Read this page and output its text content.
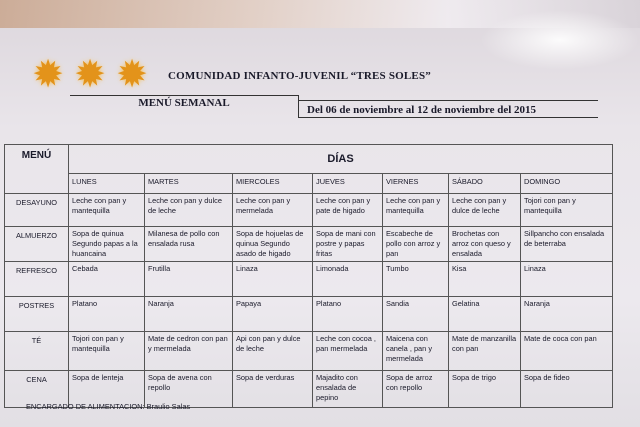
✹ ✹ ✹	COMUNIDAD INFANTO-JUVENIL “TRES SOLES”
MENÚ SEMANAL
Del 06 de noviembre al 12 de noviembre del 2015
MENÚ	DÍAS						
	LUNES	MARTES	MIERCOLES	JUEVES	VIERNES	SÁBADO	DOMINGO
DESAYUNO	Leche con pan y mantequilla	Leche con pan y dulce de leche	Leche con pan y mermelada	Leche con pan y pate de higado	Leche con pan y mantequilla	Leche con pan y dulce de leche	Tojori con pan y mantequilla
ALMUERZO	Sopa de quinua Segundo papas a la huancaina	Milanesa de pollo con ensalada rusa	Sopa de hojuelas de quinua Segundo asado de higado	Sopa de mani con postre y papas fritas	Escabeche de pollo con arroz y pan	Brochetas con arroz con queso y ensalada	Sillpancho con ensalada de beterraba
REFRESCO	Cebada	Frutilla	Linaza	Limonada	Tumbo	Kisa	Linaza
POSTRES	Platano	Naranja	Papaya	Platano	Sandia	Gelatina	Naranja
TÉ	Tojori con pan y mantequilla	Mate de cedron con pan y mermelada	Api con pan y dulce de leche	Leche con cocoa , pan mermelada	Maicena con canela , pan y mermelada	Mate de manzanilla con pan	Mate de coca con pan
CENA	Sopa de lenteja	Sopa de avena con repollo	Sopa de verduras	Majadito con ensalada de pepino	Sopa de arroz con repollo	Sopa de trigo	Sopa de fideo
ENCARGADO DE ALIMENTACION: Braulio Salas
